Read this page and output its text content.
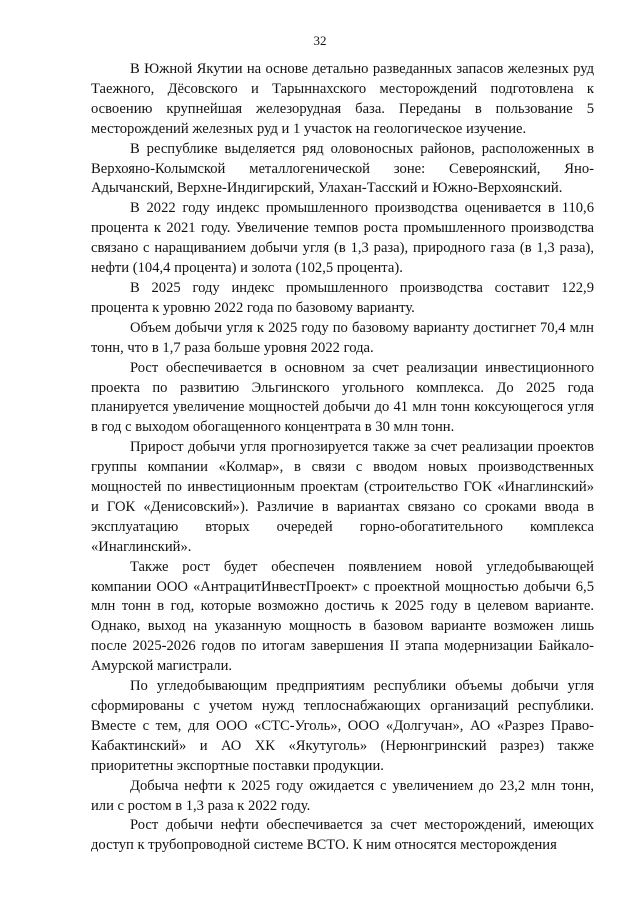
32

В Южной Якутии на основе детально разведанных запасов железных руд Таежного, Дёсовского и Тарыннахского месторождений подготовлена к освоению крупнейшая железорудная база. Переданы в пользование 5 месторождений железных руд и 1 участок на геологическое изучение.

В республике выделяется ряд оловоносных районов, расположенных в Верхояно-Колымской металлогенической зоне: Североянский, Яно-Адычанский, Верхне-Индигирский, Улахан-Тасский и Южно-Верхоянский.

В 2022 году индекс промышленного производства оценивается в 110,6 процента к 2021 году. Увеличение темпов роста промышленного производства связано с наращиванием добычи угля (в 1,3 раза), природного газа (в 1,3 раза), нефти (104,4 процента) и золота (102,5 процента).

В 2025 году индекс промышленного производства составит 122,9 процента к уровню 2022 года по базовому варианту.

Объем добычи угля к 2025 году по базовому варианту достигнет 70,4 млн тонн, что в 1,7 раза больше уровня 2022 года.

Рост обеспечивается в основном за счет реализации инвестиционного проекта по развитию Эльгинского угольного комплекса. До 2025 года планируется увеличение мощностей добычи до 41 млн тонн коксующегося угля в год с выходом обогащенного концентрата в 30 млн тонн.

Прирост добычи угля прогнозируется также за счет реализации проектов группы компании «Колмар», в связи с вводом новых производственных мощностей по инвестиционным проектам (строительство ГОК «Инаглинский» и ГОК «Денисовский»). Различие в вариантах связано со сроками ввода в эксплуатацию вторых очередей горно-обогатительного комплекса «Инаглинский».

Также рост будет обеспечен появлением новой угледобывающей компании ООО «АнтрацитИнвестПроект» с проектной мощностью добычи 6,5 млн тонн в год, которые возможно достичь к 2025 году в целевом варианте. Однако, выход на указанную мощность в базовом варианте возможен лишь после 2025-2026 годов по итогам завершения II этапа модернизации Байкало-Амурской магистрали.

По угледобывающим предприятиям республики объемы добычи угля сформированы с учетом нужд теплоснабжающих организаций республики. Вместе с тем, для ООО «СТС-Уголь», ООО «Долгучан», АО «Разрез Право-Кабактинский» и АО ХК «Якутуголь» (Нерюнгринский разрез) также приоритетны экспортные поставки продукции.

Добыча нефти к 2025 году ожидается с увеличением до 23,2 млн тонн, или с ростом в 1,3 раза к 2022 году.

Рост добычи нефти обеспечивается за счет месторождений, имеющих доступ к трубопроводной системе ВСТО. К ним относятся месторождения
